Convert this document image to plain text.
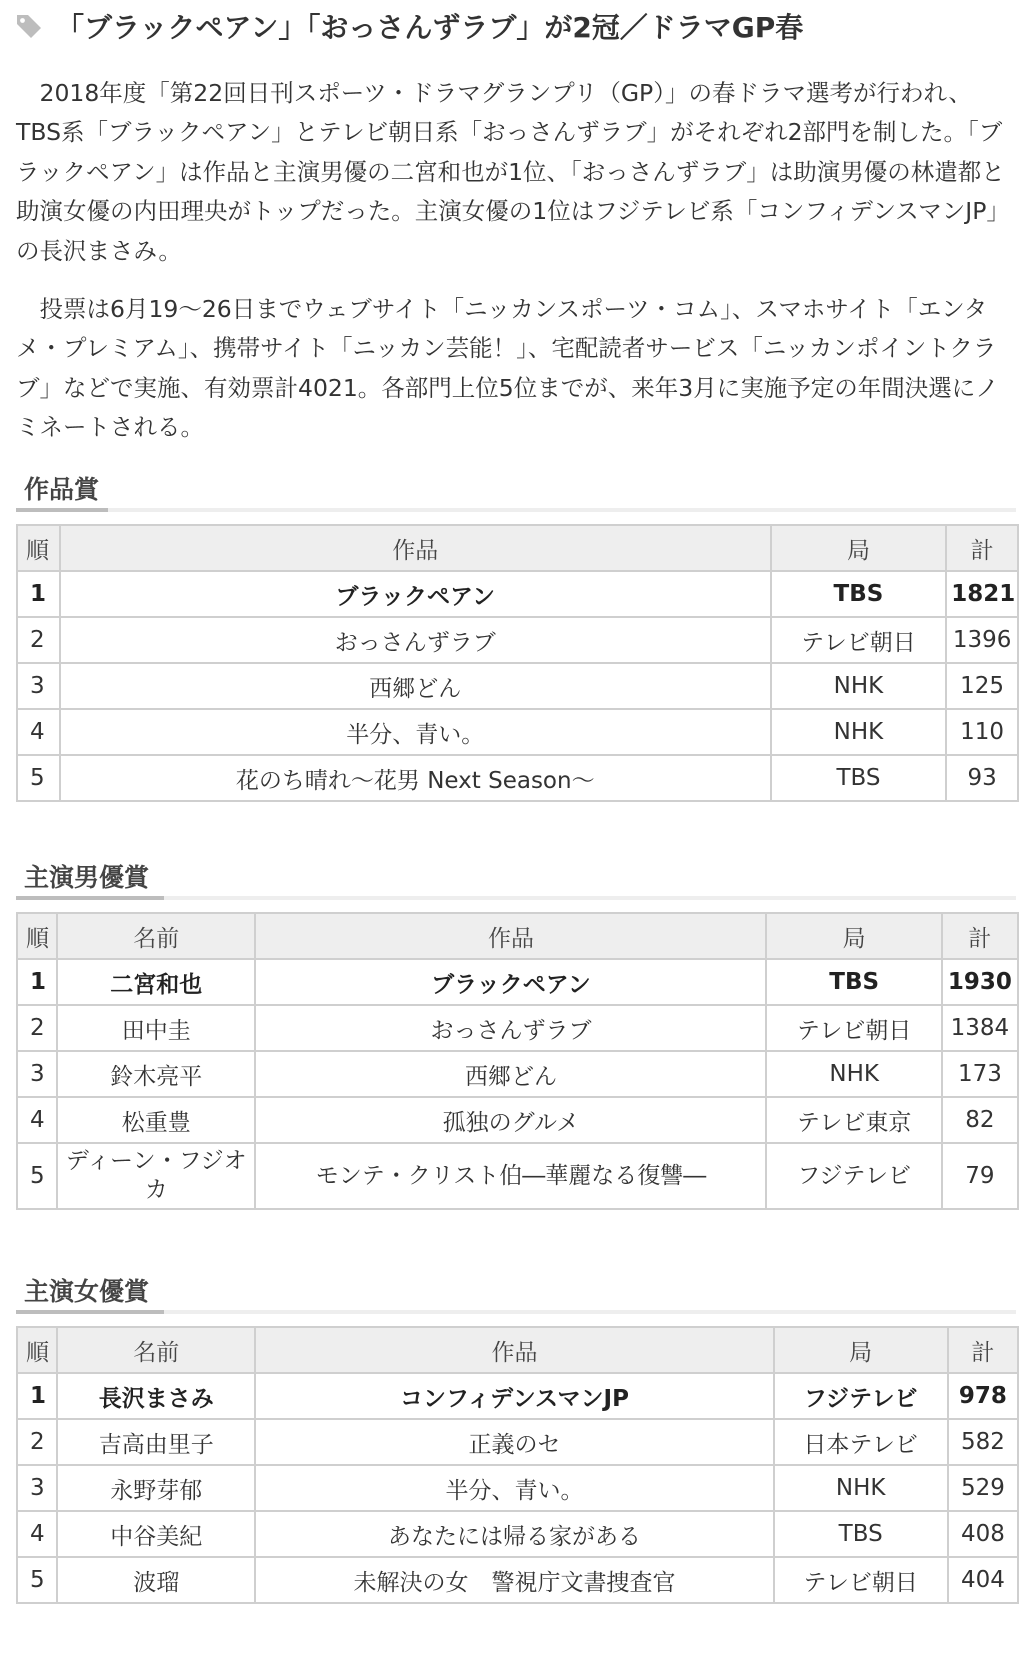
「ブラックペアン」「おっさんずラブ」が2冠／ドラマGP春

2018年度「第22回日刊スポーツ・ドラマグランプリ（GP）」の春ドラマ選考が行われ、TBS系「ブラックペアン」とテレビ朝日系「おっさんずラブ」がそれぞれ2部門を制した。「ブラックペアン」は作品と主演男優の二宮和也が1位、「おっさんずラブ」は助演男優の林遣都と助演女優の内田理央がトップだった。主演女優の1位はフジテレビ系「コンフィデンスマンJP」の長沢まさみ。

投票は6月19〜26日までウェブサイト「ニッカンスポーツ・コム」、スマホサイト「エンタメ・プレミアム」、携帯サイト「ニッカン芸能！」、宅配読者サービス「ニッカンポイントクラブ」などで実施、有効票計4021。各部門上位5位までが、来年3月に実施予定の年間決選にノミネートされる。

作品賞
順	作品	局	計
1	ブラックペアン	TBS	1821
2	おっさんずラブ	テレビ朝日	1396
3	西郷どん	NHK	125
4	半分、青い。	NHK	110
5	花のち晴れ〜花男 Next Season〜	TBS	93
主演男優賞
順	名前	作品	局	計
1	二宮和也	ブラックペアン	TBS	1930
2	田中圭	おっさんずラブ	テレビ朝日	1384
3	鈴木亮平	西郷どん	NHK	173
4	松重豊	孤独のグルメ	テレビ東京	82
5	ディーン・フジオカ	モンテ・クリスト伯―華麗なる復讐―	フジテレビ	79
主演女優賞
順	名前	作品	局	計
1	長沢まさみ	コンフィデンスマンJP	フジテレビ	978
2	吉高由里子	正義のセ	日本テレビ	582
3	永野芽郁	半分、青い。	NHK	529
4	中谷美紀	あなたには帰る家がある	TBS	408
5	波瑠	未解決の女　警視庁文書捜査官	テレビ朝日	404
